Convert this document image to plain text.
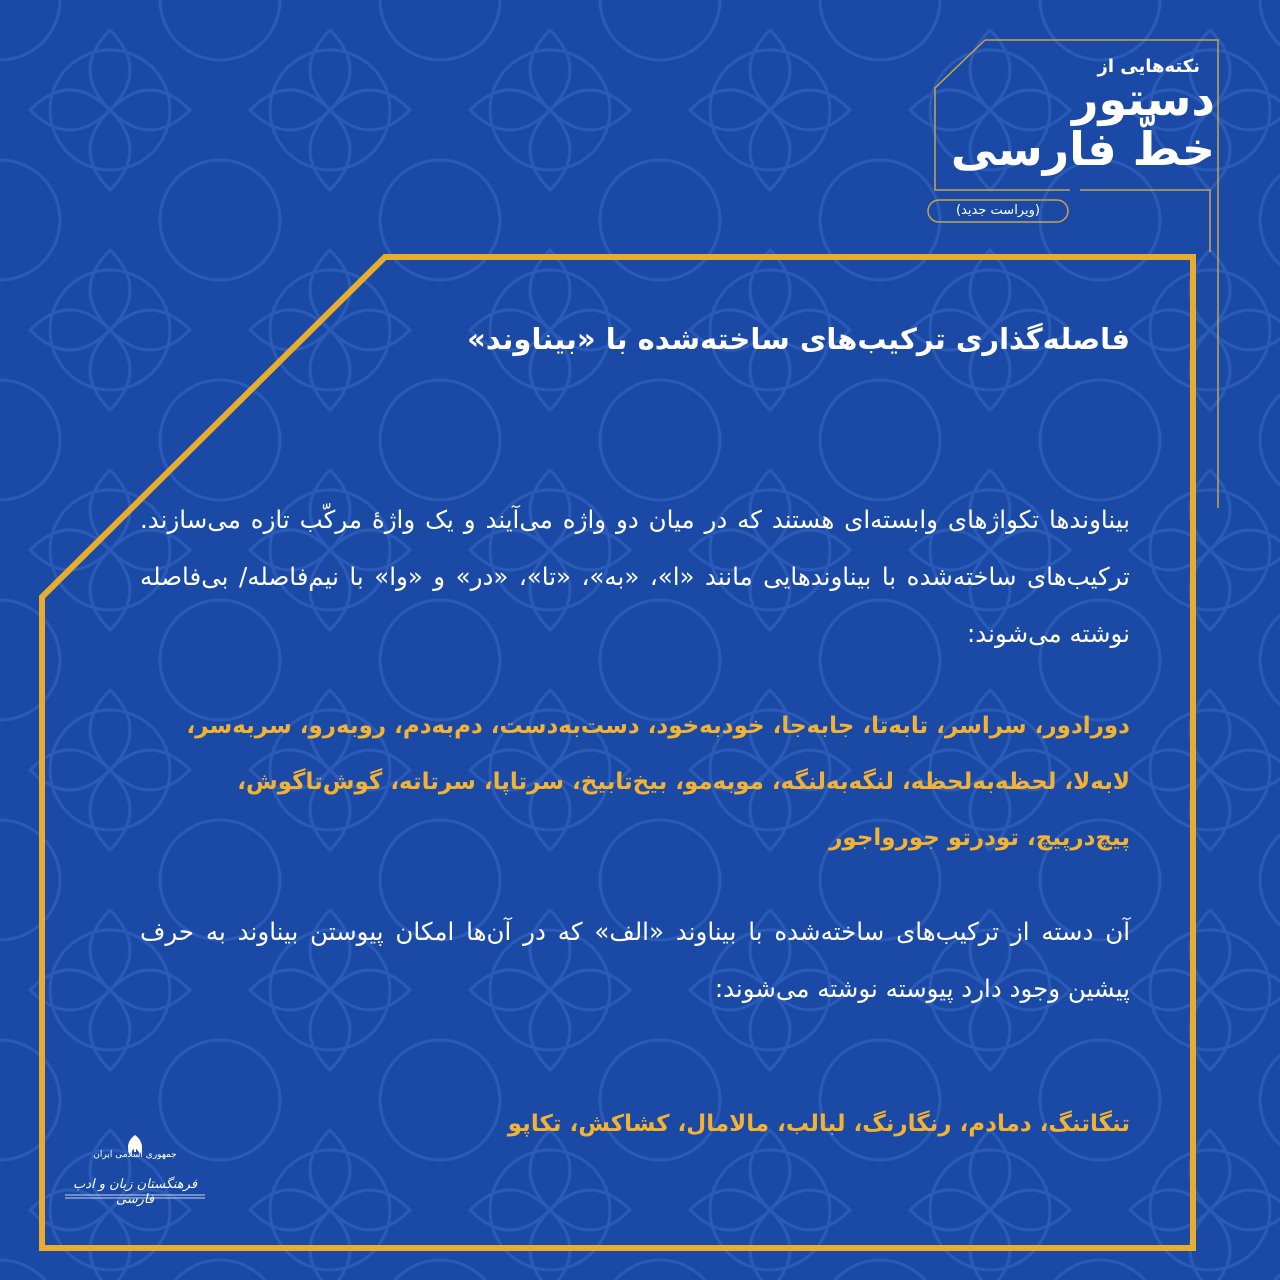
نکته‌هایی از
دستور
خطّ فارسی
(ویراست جدید)
فاصله‌گذاری ترکیب‌های ساخته‌شده با «بیناوند»

بیناوندها تکواژهای وابسته‌ای هستند که در میان دو واژه می‌آیند و یک واژهٔ مرکّب تازه می‌سازند. ترکیب‌های ساخته‌شده با بیناوندهایی مانند «ا»، «به»، «تا»، «در» و «وا» با نیم‌فاصله/ بی‌فاصله نوشته می‌شوند:

دورادور، سراسر، تابه‌تا، جابه‌جا، خودبه‌خود، دست‌به‌دست، دم‌به‌دم، روبه‌رو، سربه‌سر، لابه‌لا، لحظه‌به‌لحظه، لنگه‌به‌لنگه، موبه‌مو، بیخ‌تابیخ، سرتاپا، سرتاته، گوش‌تاگوش، پیچ‌درپیچ، تودرتو جورواجور

آن دسته از ترکیب‌های ساخته‌شده با بیناوند «الف» که در آن‌ها امکان پیوستن بیناوند به حرف پیشین وجود دارد پیوسته نوشته می‌شوند:

تنگاتنگ، دمادم، رنگارنگ، لبالب، مالامال، کشاکش، تکاپو

جمهوری اسلامی ایران
فرهنگستان زبان و ادب فارسی
